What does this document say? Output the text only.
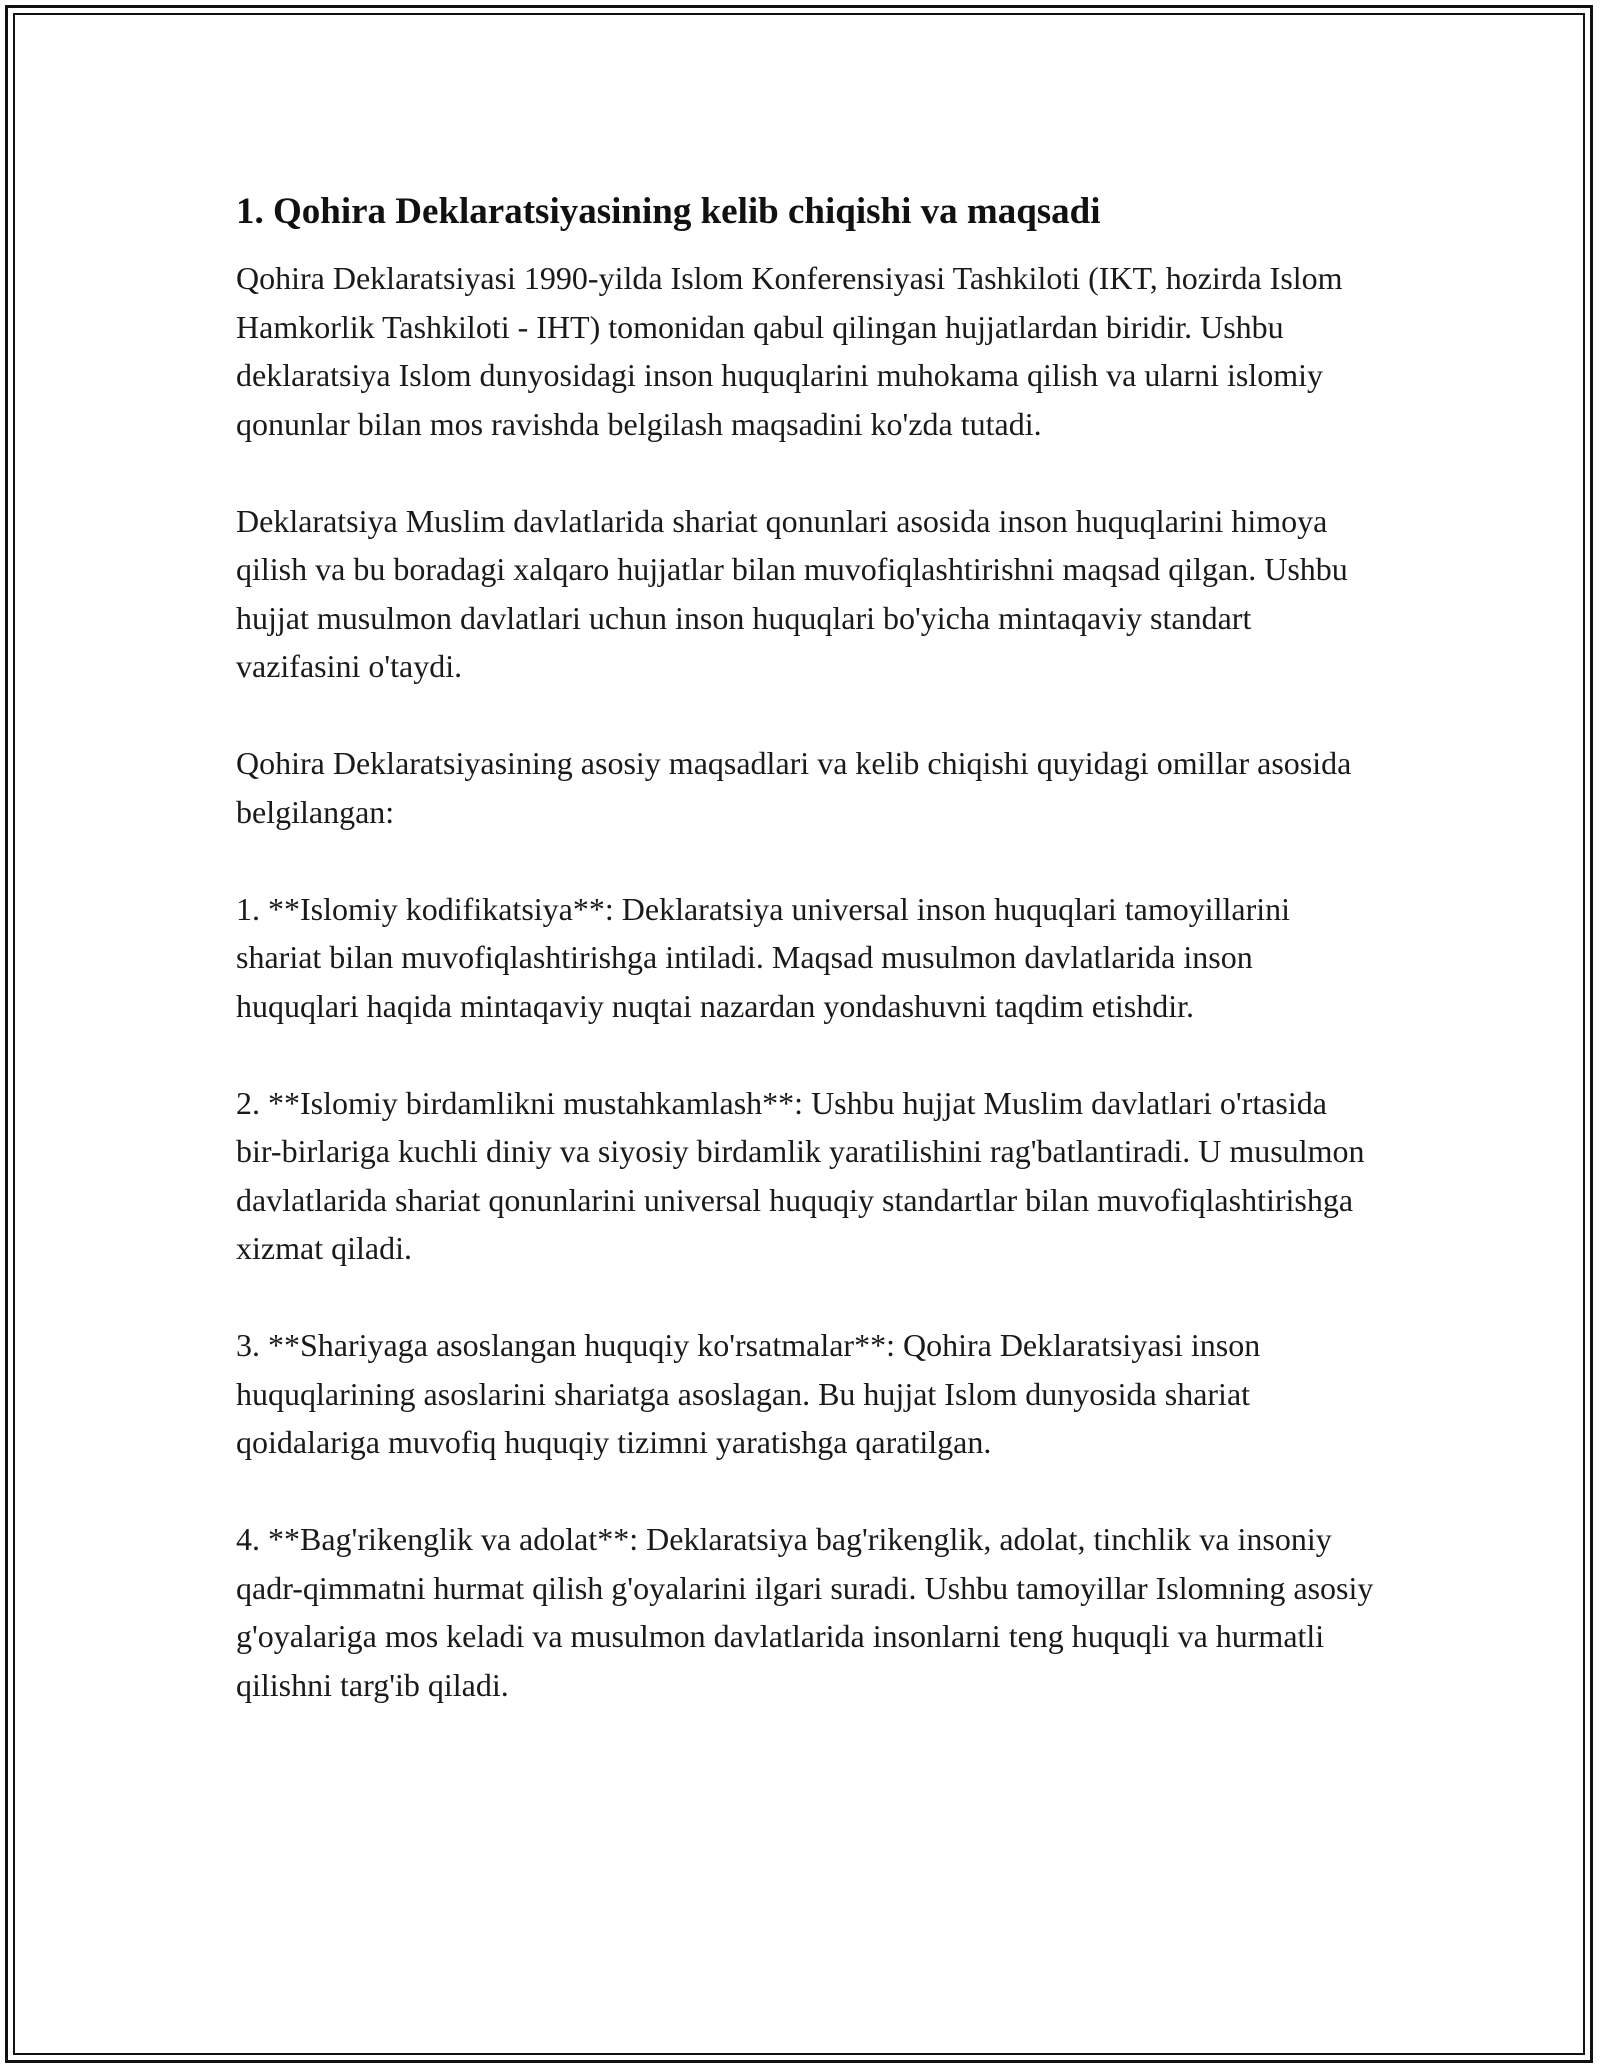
1. Qohira Deklaratsiyasining kelib chiqishi va maqsadi

Qohira Deklaratsiyasi 1990-yilda Islom Konferensiyasi Tashkiloti (IKT, hozirda Islom Hamkorlik Tashkiloti - IHT) tomonidan qabul qilingan hujjatlardan biridir. Ushbu deklaratsiya Islom dunyosidagi inson huquqlarini muhokama qilish va ularni islomiy qonunlar bilan mos ravishda belgilash maqsadini ko'zda tutadi.

Deklaratsiya Muslim davlatlarida shariat qonunlari asosida inson huquqlarini himoya qilish va bu boradagi xalqaro hujjatlar bilan muvofiqlashtirishni maqsad qilgan. Ushbu hujjat musulmon davlatlari uchun inson huquqlari bo'yicha mintaqaviy standart vazifasini o'taydi.

Qohira Deklaratsiyasining asosiy maqsadlari va kelib chiqishi quyidagi omillar asosida belgilangan:

1. **Islomiy kodifikatsiya**: Deklaratsiya universal inson huquqlari tamoyillarini shariat bilan muvofiqlashtirishga intiladi. Maqsad musulmon davlatlarida inson huquqlari haqida mintaqaviy nuqtai nazardan yondashuvni taqdim etishdir.

2. **Islomiy birdamlikni mustahkamlash**: Ushbu hujjat Muslim davlatlari o'rtasida bir-birlariga kuchli diniy va siyosiy birdamlik yaratilishini rag'batlantiradi. U musulmon davlatlarida shariat qonunlarini universal huquqiy standartlar bilan muvofiqlashtirishga xizmat qiladi.

3. **Shariyaga asoslangan huquqiy ko'rsatmalar**: Qohira Deklaratsiyasi inson huquqlarining asoslarini shariatga asoslagan. Bu hujjat Islom dunyosida shariat qoidalariga muvofiq huquqiy tizimni yaratishga qaratilgan.

4. **Bag'rikenglik va adolat**: Deklaratsiya bag'rikenglik, adolat, tinchlik va insoniy qadr-qimmatni hurmat qilish g'oyalarini ilgari suradi. Ushbu tamoyillar Islomning asosiy g'oyalariga mos keladi va musulmon davlatlarida insonlarni teng huquqli va hurmatli qilishni targ'ib qiladi.
